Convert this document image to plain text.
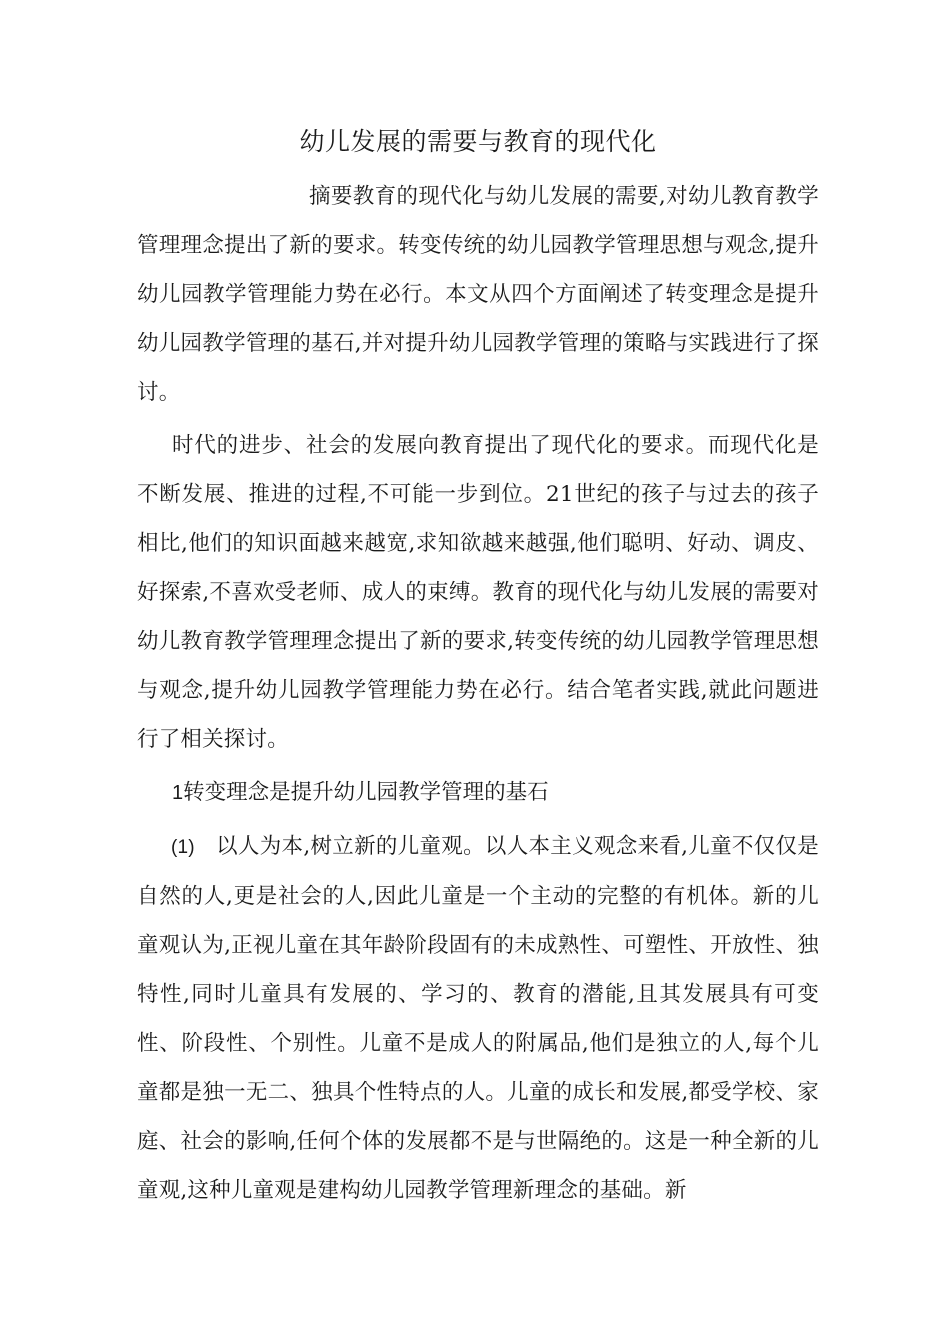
幼儿发展的需要与教育的现代化

摘要教育的现代化与幼儿发展的需要,对幼儿教育教学管理理念提出了新的要求。转变传统的幼儿园教学管理思想与观念,提升幼儿园教学管理能力势在必行。本文从四个方面阐述了转变理念是提升幼儿园教学管理的基石,并对提升幼儿园教学管理的策略与实践进行了探讨。

时代的进步、社会的发展向教育提出了现代化的要求。而现代化是不断发展、推进的过程,不可能一步到位。21世纪的孩子与过去的孩子相比,他们的知识面越来越宽,求知欲越来越强,他们聪明、好动、调皮、好探索,不喜欢受老师、成人的束缚。教育的现代化与幼儿发展的需要对幼儿教育教学管理理念提出了新的要求,转变传统的幼儿园教学管理思想与观念,提升幼儿园教学管理能力势在必行。结合笔者实践,就此问题进行了相关探讨。

1转变理念是提升幼儿园教学管理的基石

(1) 以人为本,树立新的儿童观。以人本主义观念来看,儿童不仅仅是自然的人,更是社会的人,因此儿童是一个主动的完整的有机体。新的儿童观认为,正视儿童在其年龄阶段固有的未成熟性、可塑性、开放性、独特性,同时儿童具有发展的、学习的、教育的潜能,且其发展具有可变性、阶段性、个别性。儿童不是成人的附属品,他们是独立的人,每个儿童都是独一无二、独具个性特点的人。儿童的成长和发展,都受学校、家庭、社会的影响,任何个体的发展都不是与世隔绝的。这是一种全新的儿童观,这种儿童观是建构幼儿园教学管理新理念的基础。新
